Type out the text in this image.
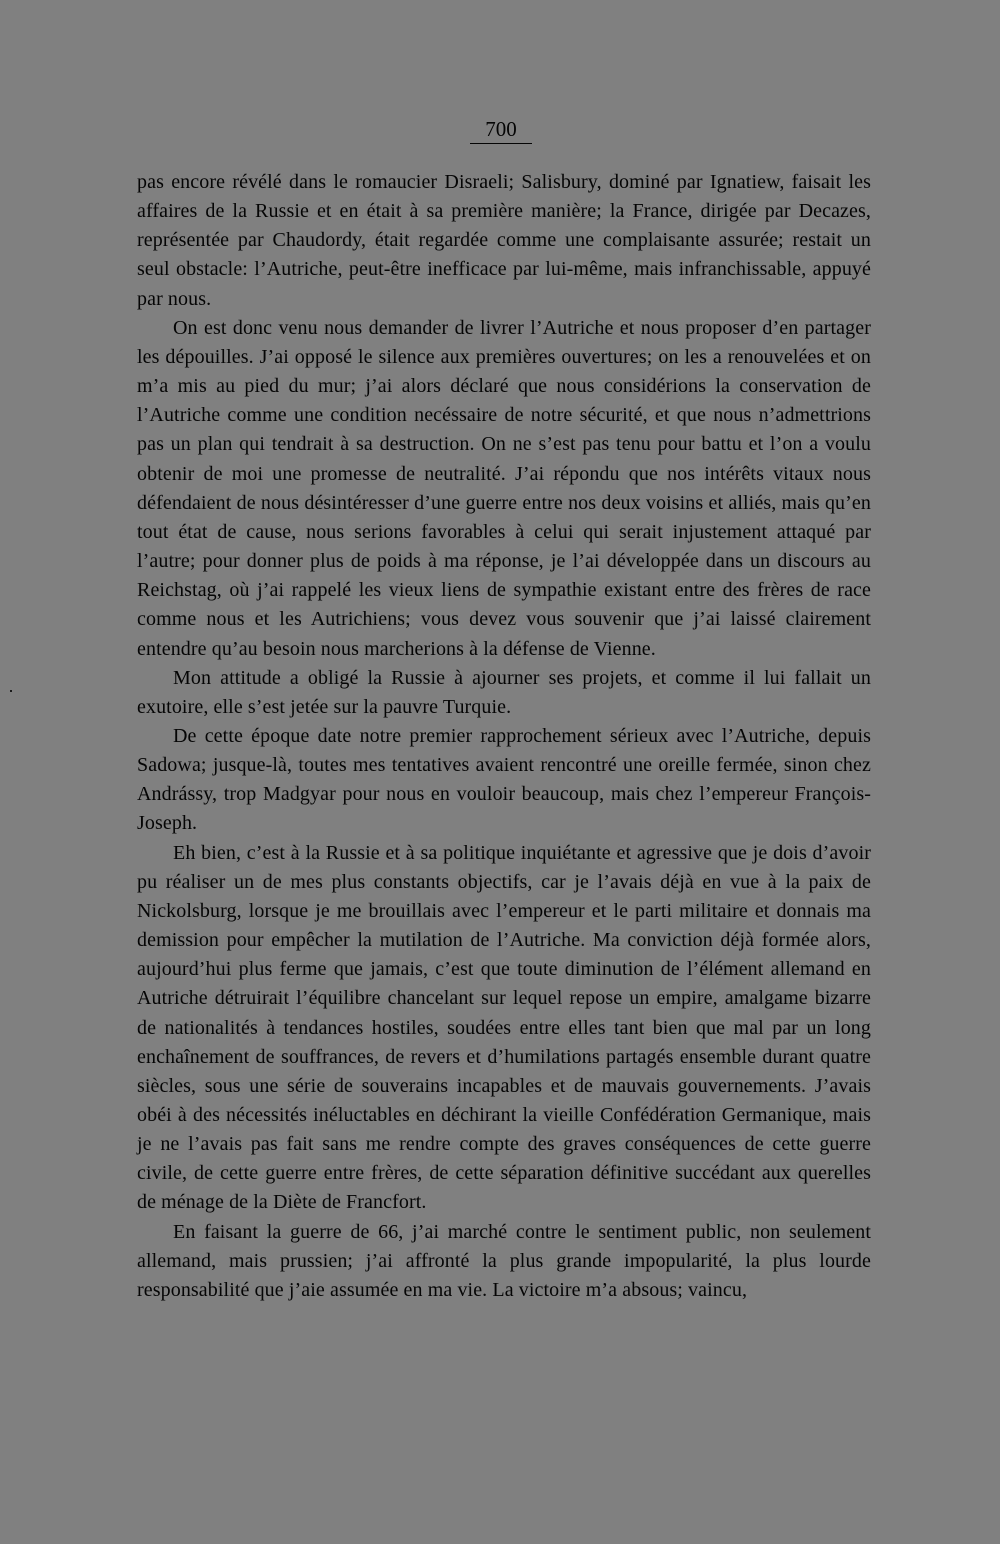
700

pas encore révélé dans le romaucier Disraeli; Salisbury, dominé par Ignatiew, faisait les affaires de la Russie et en était à sa première manière; la France, dirigée par Decazes, représentée par Chaudordy, était regardée comme une complaisante assurée; restait un seul obstacle: l’Autriche, peut-être inefficace par lui-même, mais infranchissable, appuyé par nous.

On est donc venu nous demander de livrer l’Autriche et nous proposer d’en partager les dépouilles. J’ai opposé le silence aux premières ouvertures; on les a renouvelées et on m’a mis au pied du mur; j’ai alors déclaré que nous considérions la conservation de l’Autriche comme une condition necéssaire de notre sécurité, et que nous n’admettrions pas un plan qui tendrait à sa destruction. On ne s’est pas tenu pour battu et l’on a voulu obtenir de moi une promesse de neutralité. J’ai répondu que nos intérêts vitaux nous défendaient de nous désintéresser d’une guerre entre nos deux voisins et alliés, mais qu’en tout état de cause, nous serions favorables à celui qui serait injustement attaqué par l’autre; pour donner plus de poids à ma réponse, je l’ai développée dans un discours au Reichstag, où j’ai rappelé les vieux liens de sympathie existant entre des frères de race comme nous et les Autrichiens; vous devez vous souvenir que j’ai laissé clairement entendre qu’au besoin nous marcherions à la défense de Vienne.

Mon attitude a obligé la Russie à ajourner ses projets, et comme il lui fallait un exutoire, elle s’est jetée sur la pauvre Turquie.

De cette époque date notre premier rapprochement sérieux avec l’Autriche, depuis Sadowa; jusque-là, toutes mes tentatives avaient rencontré une oreille fermée, sinon chez Andrássy, trop Madgyar pour nous en vouloir beaucoup, mais chez l’empereur François-Joseph.

Eh bien, c’est à la Russie et à sa politique inquiétante et agressive que je dois d’avoir pu réaliser un de mes plus constants objectifs, car je l’avais déjà en vue à la paix de Nickolsburg, lorsque je me brouillais avec l’empereur et le parti militaire et donnais ma demission pour empêcher la mutilation de l’Autriche. Ma conviction déjà formée alors, aujourd’hui plus ferme que jamais, c’est que toute diminution de l’élément allemand en Autriche détruirait l’équilibre chancelant sur lequel repose un empire, amalgame bizarre de nationalités à tendances hostiles, soudées entre elles tant bien que mal par un long enchaînement de souffrances, de revers et d’humilations partagés ensemble durant quatre siècles, sous une série de souverains incapables et de mauvais gouvernements. J’avais obéi à des nécessités inéluctables en déchirant la vieille Confédération Germanique, mais je ne l’avais pas fait sans me rendre compte des graves conséquences de cette guerre civile, de cette guerre entre frères, de cette séparation définitive succédant aux querelles de ménage de la Diète de Francfort.

En faisant la guerre de 66, j’ai marché contre le sentiment public, non seulement allemand, mais prussien; j’ai affronté la plus grande impopularité, la plus lourde responsabilité que j’aie assumée en ma vie. La victoire m’a absous; vaincu,
